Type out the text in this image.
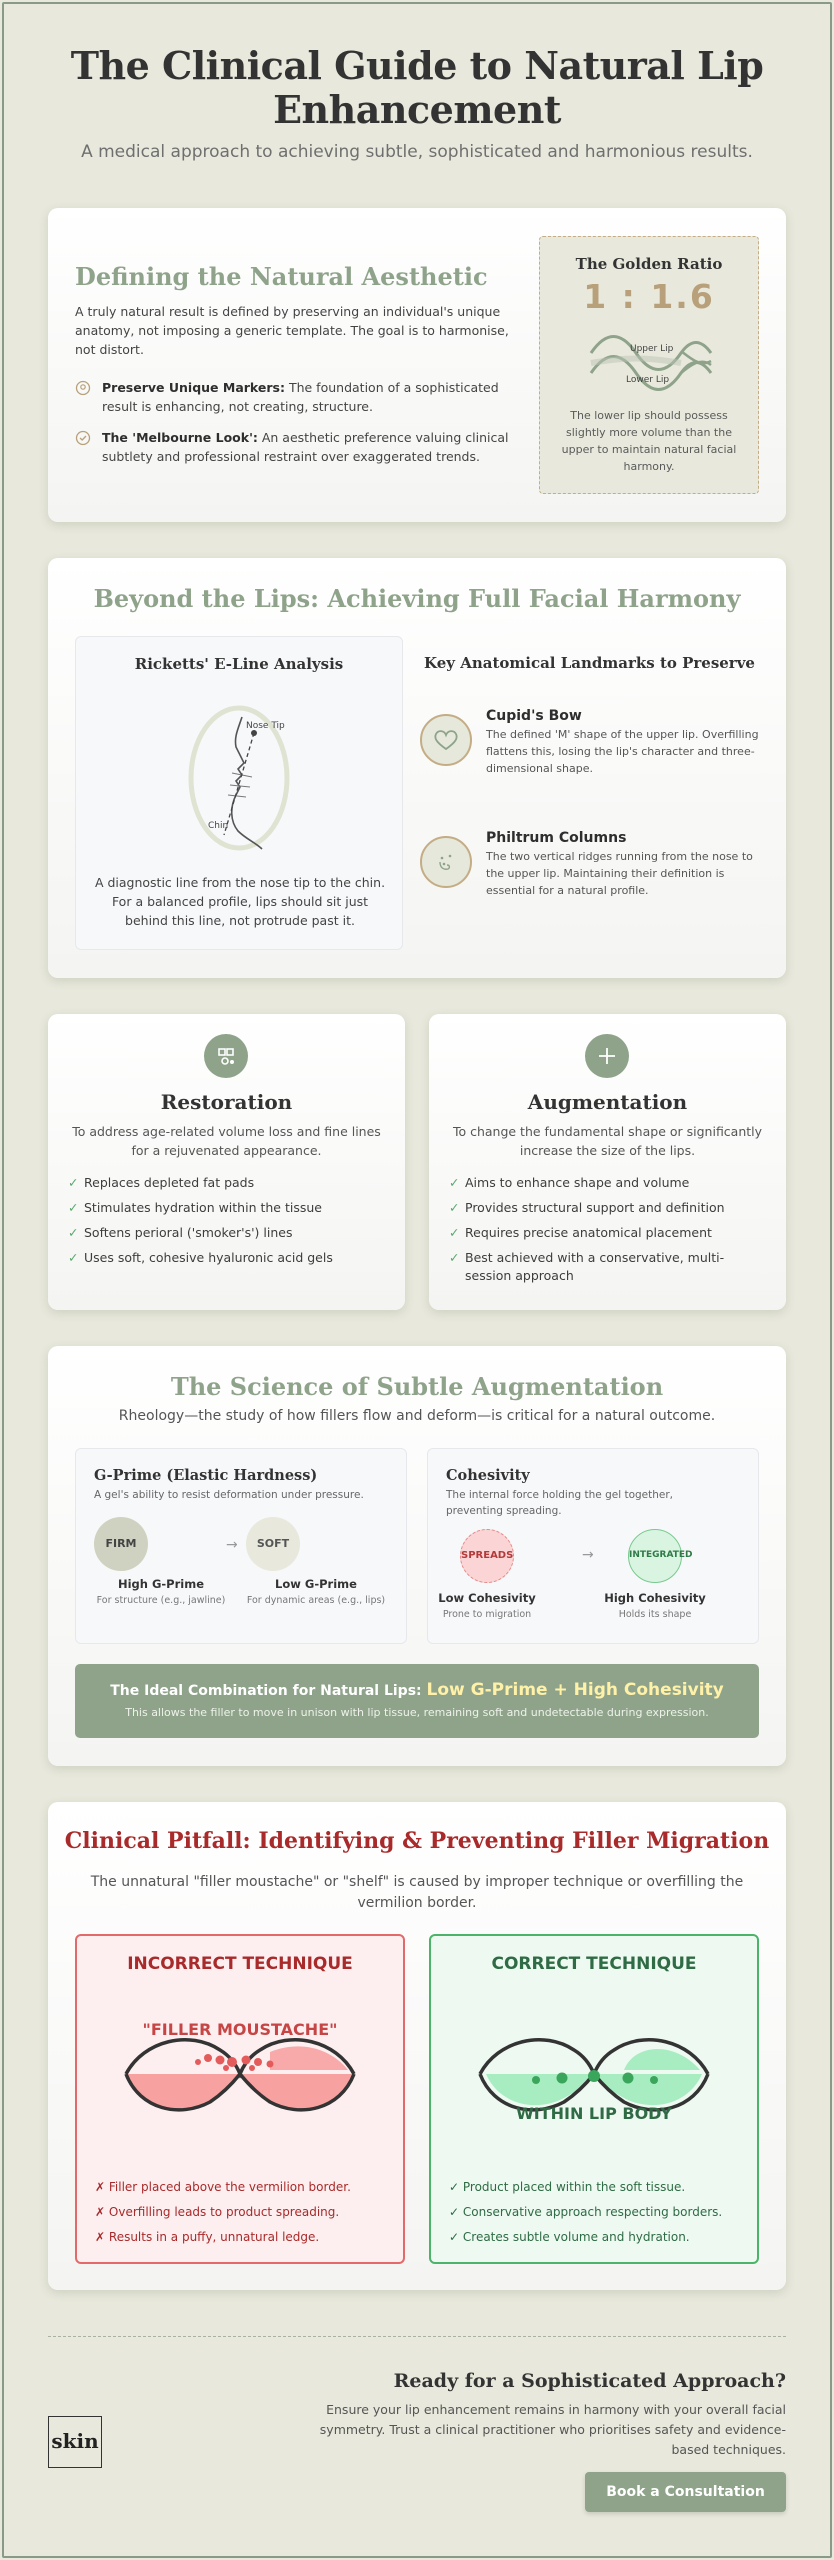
The Clinical Guide to Natural Lip
Enhancement

A medical approach to achieving subtle, sophisticated and harmonious results.

Defining the Natural Aesthetic

A truly natural result is defined by preserving an individual's unique anatomy, not imposing a generic template. The goal is to harmonise, not distort.

Preserve Unique Markers: The foundation of a sophisticated result is enhancing, not creating, structure.

The 'Melbourne Look': An aesthetic preference valuing clinical subtlety and professional restraint over exaggerated trends.

The Golden Ratio
1 : 1.6
Upper Lip
Lower Lip

The lower lip should possess slightly more volume than the upper to maintain natural facial harmony.

Beyond the Lips: Achieving Full Facial Harmony
Ricketts' E-Line Analysis
Nose Tip
Chin

A diagnostic line from the nose tip to the chin. For a balanced profile, lips should sit just behind this line, not protrude past it.

Key Anatomical Landmarks to Preserve
Cupid's Bow

The defined 'M' shape of the upper lip. Overfilling flattens this, losing the lip's character and three-dimensional shape.

Philtrum Columns

The two vertical ridges running from the nose to the upper lip. Maintaining their definition is essential for a natural profile.

Restoration

To address age-related volume loss and fine lines for a rejuvenated appearance.

✓ Replaces depleted fat pads
✓ Stimulates hydration within the tissue
✓ Softens perioral ('smoker's') lines
✓ Uses soft, cohesive hyaluronic acid gels
Augmentation

To change the fundamental shape or significantly increase the size of the lips.

✓ Aims to enhance shape and volume
✓ Provides structural support and definition
✓ Requires precise anatomical placement
✓ Best achieved with a conservative, multi-session approach
The Science of Subtle Augmentation

Rheology—the study of how fillers flow and deform—is critical for a natural outcome.

G-Prime (Elastic Hardness)

A gel's ability to resist deformation under pressure.

FIRM	→	SOFT
High G-Prime
For structure (e.g., jawline)
Low G-Prime
For dynamic areas (e.g., lips)
Cohesivity

The internal force holding the gel together, preventing spreading.

SPREADS	→	INTEGRATED
Low Cohesivity
Prone to migration
High Cohesivity
Holds its shape
The Ideal Combination for Natural Lips: Low G-Prime + High Cohesivity
This allows the filler to move in unison with lip tissue, remaining soft and undetectable during expression.
Clinical Pitfall: Identifying & Preventing Filler Migration

The unnatural "filler moustache" or "shelf" is caused by improper technique or overfilling the vermilion border.

INCORRECT TECHNIQUE
"FILLER MOUSTACHE"
✗ Filler placed above the vermilion border.
✗ Overfilling leads to product spreading.
✗ Results in a puffy, unnatural ledge.
CORRECT TECHNIQUE
WITHIN LIP BODY
✓ Product placed within the soft tissue.
✓ Conservative approach respecting borders.
✓ Creates subtle volume and hydration.
skin
Ready for a Sophisticated Approach?

Ensure your lip enhancement remains in harmony with your overall facial symmetry. Trust a clinical practitioner who prioritises safety and evidence-based techniques.

Book a Consultation
